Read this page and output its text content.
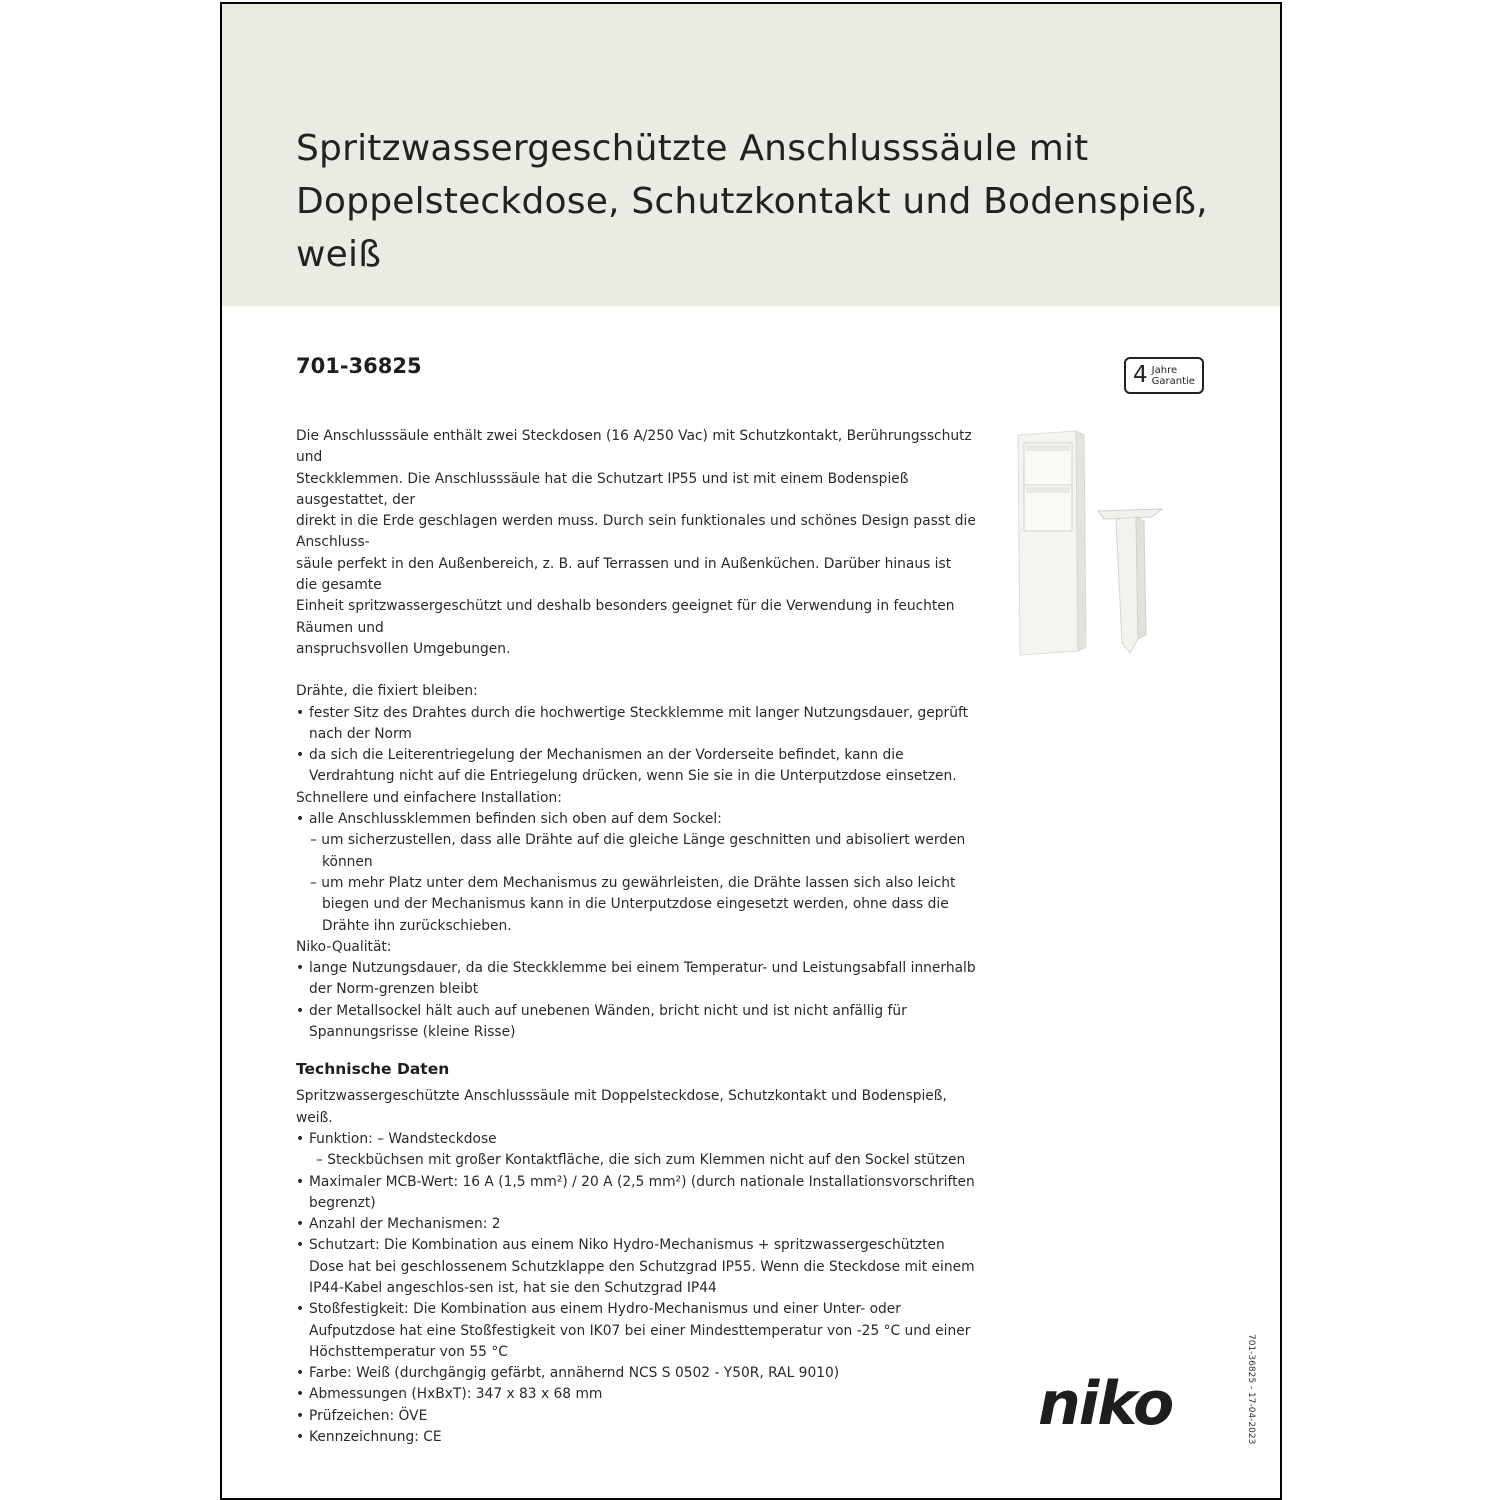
Spritzwassergeschützte Anschlusssäule mit
Doppelsteckdose, Schutzkontakt und Bodenspieß,
weiß
701-36825	4 Jahre
Garantie

Die Anschlusssäule enthält zwei Steckdosen (16 A/250 Vac) mit Schutzkontakt, Berührungsschutz und
Steckklemmen. Die Anschlusssäule hat die Schutzart IP55 und ist mit einem Bodenspieß ausgestattet, der
direkt in die Erde geschlagen werden muss. Durch sein funktionales und schönes Design passt die Anschluss-
säule perfekt in den Außenbereich, z. B. auf Terrassen und in Außenküchen. Darüber hinaus ist die gesamte
Einheit spritzwassergeschützt und deshalb besonders geeignet für die Verwendung in feuchten Räumen und
anspruchsvollen Umgebungen.

Drähte, die fixiert bleiben:

• fester Sitz des Drahtes durch die hochwertige Steckklemme mit langer Nutzungsdauer, geprüft nach der Norm
• da sich die Leiterentriegelung der Mechanismen an der Vorderseite befindet, kann die Verdrahtung nicht auf die Entriegelung drücken, wenn Sie sie in die Unterputzdose einsetzen.

Schnellere und einfachere Installation:

• alle Anschlussklemmen befinden sich oben auf dem Sockel:
– um sicherzustellen, dass alle Drähte auf die gleiche Länge geschnitten und abisoliert werden können
– um mehr Platz unter dem Mechanismus zu gewährleisten, die Drähte lassen sich also leicht biegen und der Mechanismus kann in die Unterputzdose eingesetzt werden, ohne dass die Drähte ihn zurückschieben.

Niko-Qualität:

• lange Nutzungsdauer, da die Steckklemme bei einem Temperatur- und Leistungsabfall innerhalb der Norm-grenzen bleibt
• der Metallsockel hält auch auf unebenen Wänden, bricht nicht und ist nicht anfällig für Spannungsrisse (kleine Risse)
Technische Daten

Spritzwassergeschützte Anschlusssäule mit Doppelsteckdose, Schutzkontakt und Bodenspieß, weiß.

• Funktion: – Wandsteckdose
– Steckbüchsen mit großer Kontaktfläche, die sich zum Klemmen nicht auf den Sockel stützen
• Maximaler MCB-Wert: 16 A (1,5 mm²) / 20 A (2,5 mm²) (durch nationale Installationsvorschriften begrenzt)
• Anzahl der Mechanismen: 2
• Schutzart: Die Kombination aus einem Niko Hydro-Mechanismus + spritzwassergeschützten Dose hat bei geschlossenem Schutzklappe den Schutzgrad IP55. Wenn die Steckdose mit einem IP44-Kabel angeschlos-sen ist, hat sie den Schutzgrad IP44
• Stoßfestigkeit: Die Kombination aus einem Hydro-Mechanismus und einer Unter- oder Aufputzdose hat eine Stoßfestigkeit von IK07 bei einer Mindesttemperatur von -25 °C und einer Höchsttemperatur von 55 °C
• Farbe: Weiß (durchgängig gefärbt, annähernd NCS S 0502 - Y50R, RAL 9010)
• Abmessungen (HxBxT): 347 x 83 x 68 mm
• Prüfzeichen: ÖVE
• Kennzeichnung: CE	701-36825 - 17-04-2023
niko
